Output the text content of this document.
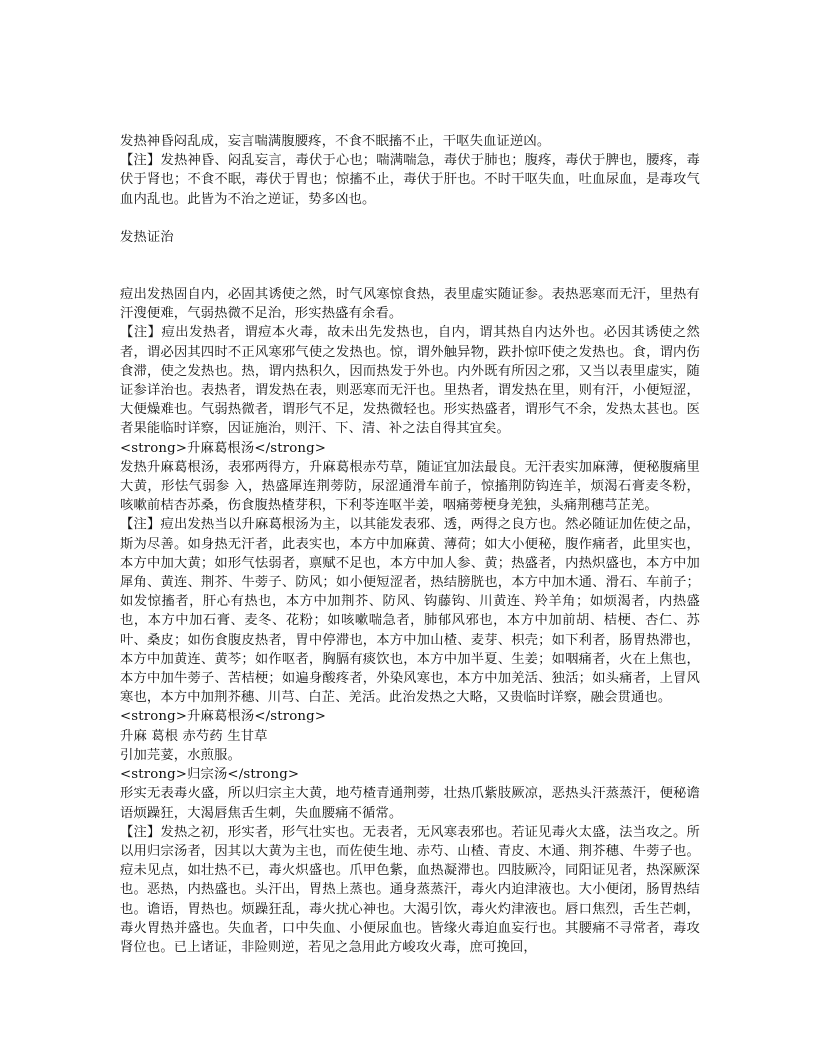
发热神昏闷乱成，妄言喘满腹腰疼，不食不眠搐不止，干呕失血证逆凶。

【注】发热神昏、闷乱妄言，毒伏于心也；喘满喘急，毒伏于肺也；腹疼，毒伏于脾也，腰疼，毒伏于肾也；不食不眠，毒伏于胃也；惊搐不止，毒伏于肝也。不时干呕失血，吐血尿血，是毒攻气血内乱也。此皆为不治之逆证，势多凶也。

发热证治

痘出发热固自内，必固其诱使之然，时气风寒惊食热，表里虚实随证参。表热恶寒而无汗，里热有汗溲便难，气弱热微不足治，形实热盛有余看。

【注】痘出发热者，谓痘本火毒，故未出先发热也，自内，谓其热自内达外也。必因其诱使之然者，谓必因其四时不正风寒邪气使之发热也。惊，谓外触异物，跌扑惊吓使之发热也。食，谓内伤食滞，使之发热也。热，谓内热积久，因而热发于外也。内外既有所因之邪，又当以表里虚实，随证参详治也。表热者，谓发热在表，则恶寒而无汗也。里热者，谓发热在里，则有汗，小便短涩，大便燥难也。气弱热微者，谓形气不足，发热微轻也。形实热盛者，谓形气不余，发热太甚也。医者果能临时详察，因证施治，则汗、下、清、补之法自得其宜矣。

<strong>升麻葛根汤</strong>

发热升麻葛根汤，表邪两得方，升麻葛根赤芍草，随证宜加法最良。无汗表实加麻薄，便秘腹痛里大黄，形怯气弱参 入，热盛犀连荆蒡防，尿涩通滑车前子，惊搐荆防钩连羊，烦渴石膏麦冬粉，咳嗽前桔杏苏桑，伤食腹热楂芽积，下利苓连呕半姜，咽痛蒡梗身羌独，头痛荆穗芎芷羌。

【注】痘出发热当以升麻葛根汤为主，以其能发表邪、透，两得之良方也。然必随证加佐使之品，斯为尽善。如身热无汗者，此表实也，本方中加麻黄、薄荷；如大小便秘，腹作痛者，此里实也，本方中加大黄；如形气怯弱者，禀赋不足也，本方中加人参、黄；热盛者，内热炽盛也，本方中加犀角、黄连、荆芥、牛蒡子、防风；如小便短涩者，热结膀胱也，本方中加木通、滑石、车前子；如发惊搐者，肝心有热也，本方中加荆芥、防风、钩藤钩、川黄连、羚羊角；如烦渴者，内热盛也，本方中加石膏、麦冬、花粉；如咳嗽喘急者，肺郁风邪也，本方中加前胡、桔梗、杏仁、苏叶、桑皮；如伤食腹皮热者，胃中停滞也，本方中加山楂、麦芽、枳壳；如下利者，肠胃热滞也，本方中加黄连、黄芩；如作呕者，胸膈有痰饮也，本方中加半夏、生姜；如咽痛者，火在上焦也，本方中加牛蒡子、苦桔梗；如遍身酸疼者，外染风寒也，本方中加羌活、独活；如头痛者，上冒风寒也，本方中加荆芥穗、川芎、白芷、羌活。此治发热之大略，又贵临时详察，融会贯通也。

<strong>升麻葛根汤</strong>

升麻 葛根 赤芍药 生甘草

引加芫荽，水煎服。

<strong>归宗汤</strong>

形实无表毒火盛，所以归宗主大黄，地芍楂青通荆蒡，壮热爪紫肢厥凉，恶热头汗蒸蒸汗，便秘谵语烦躁狂，大渴唇焦舌生刺，失血腰痛不循常。

【注】发热之初，形实者，形气壮实也。无表者，无风寒表邪也。若证见毒火太盛，法当攻之。所以用归宗汤者，因其以大黄为主也，而佐使生地、赤芍、山楂、青皮、木通、荆芥穗、牛蒡子也。痘未见点，如壮热不已，毒火炽盛也。爪甲色紫，血热凝滞也。四肢厥冷，同阳证见者，热深厥深也。恶热，内热盛也。头汗出，胃热上蒸也。通身蒸蒸汗，毒火内迫津液也。大小便闭，肠胃热结也。谵语，胃热也。烦躁狂乱，毒火扰心神也。大渴引饮，毒火灼津液也。唇口焦烈，舌生芒刺，毒火胃热并盛也。失血者，口中失血、小便尿血也。皆缘火毒迫血妄行也。其腰痛不寻常者，毒攻肾位也。已上诸证，非险则逆，若见之急用此方峻攻火毒，庶可挽回，
